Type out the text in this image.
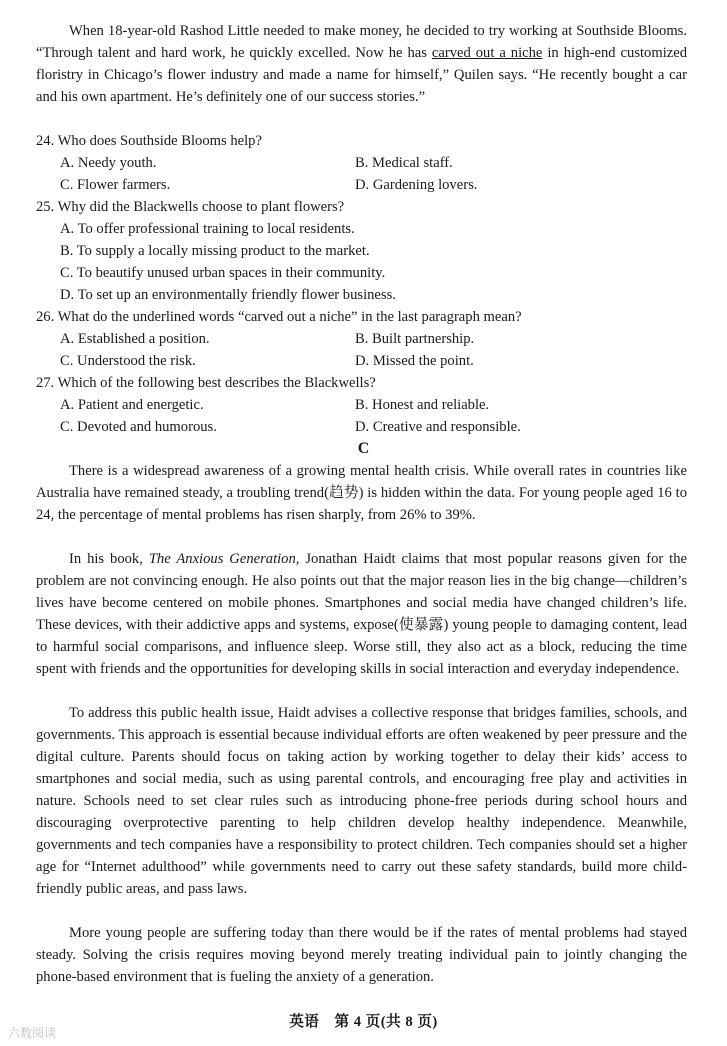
When 18-year-old Rashod Little needed to make money, he decided to try working at Southside Blooms. “Through talent and hard work, he quickly excelled. Now he has carved out a niche in high-end customized floristry in Chicago’s flower industry and made a name for himself,” Quilen says. “He recently bought a car and his own apartment. He’s definitely one of our success stories.”

24. Who does Southside Blooms help?
A. Needy youth.	B. Medical staff.
C. Flower farmers.	D. Gardening lovers.
25. Why did the Blackwells choose to plant flowers?
A. To offer professional training to local residents.
B. To supply a locally missing product to the market.
C. To beautify unused urban spaces in their community.
D. To set up an environmentally friendly flower business.
26. What do the underlined words “carved out a niche” in the last paragraph mean?
A. Established a position.	B. Built partnership.
C. Understood the risk.	D. Missed the point.
27. Which of the following best describes the Blackwells?
A. Patient and energetic.	B. Honest and reliable.
C. Devoted and humorous.	D. Creative and responsible.
C

There is a widespread awareness of a growing mental health crisis. While overall rates in countries like Australia have remained steady, a troubling trend(趋势) is hidden within the data. For young people aged 16 to 24, the percentage of mental problems has risen sharply, from 26% to 39%.

In his book, The Anxious Generation, Jonathan Haidt claims that most popular reasons given for the problem are not convincing enough. He also points out that the major reason lies in the big change—children’s lives have become centered on mobile phones. Smartphones and social media have changed children’s life. These devices, with their addictive apps and systems, expose(使暴露) young people to damaging content, lead to harmful social comparisons, and influence sleep. Worse still, they also act as a block, reducing the time spent with friends and the opportunities for developing skills in social interaction and everyday independence.

To address this public health issue, Haidt advises a collective response that bridges families, schools, and governments. This approach is essential because individual efforts are often weakened by peer pressure and the digital culture. Parents should focus on taking action by working together to delay their kids’ access to smartphones and social media, such as using parental controls, and encouraging free play and activities in nature. Schools need to set clear rules such as introducing phone-free periods during school hours and discouraging overprotective parenting to help children develop healthy independence. Meanwhile, governments and tech companies have a responsibility to protect children. Tech companies should set a higher age for “Internet adulthood” while governments need to carry out these safety standards, build more child-friendly public areas, and pass laws.

More young people are suffering today than there would be if the rates of mental problems had stayed steady. Solving the crisis requires moving beyond merely treating individual pain to jointly changing the phone-based environment that is fueling the anxiety of a generation.

英语　第 4 页(共 8 页)
六数阅读
